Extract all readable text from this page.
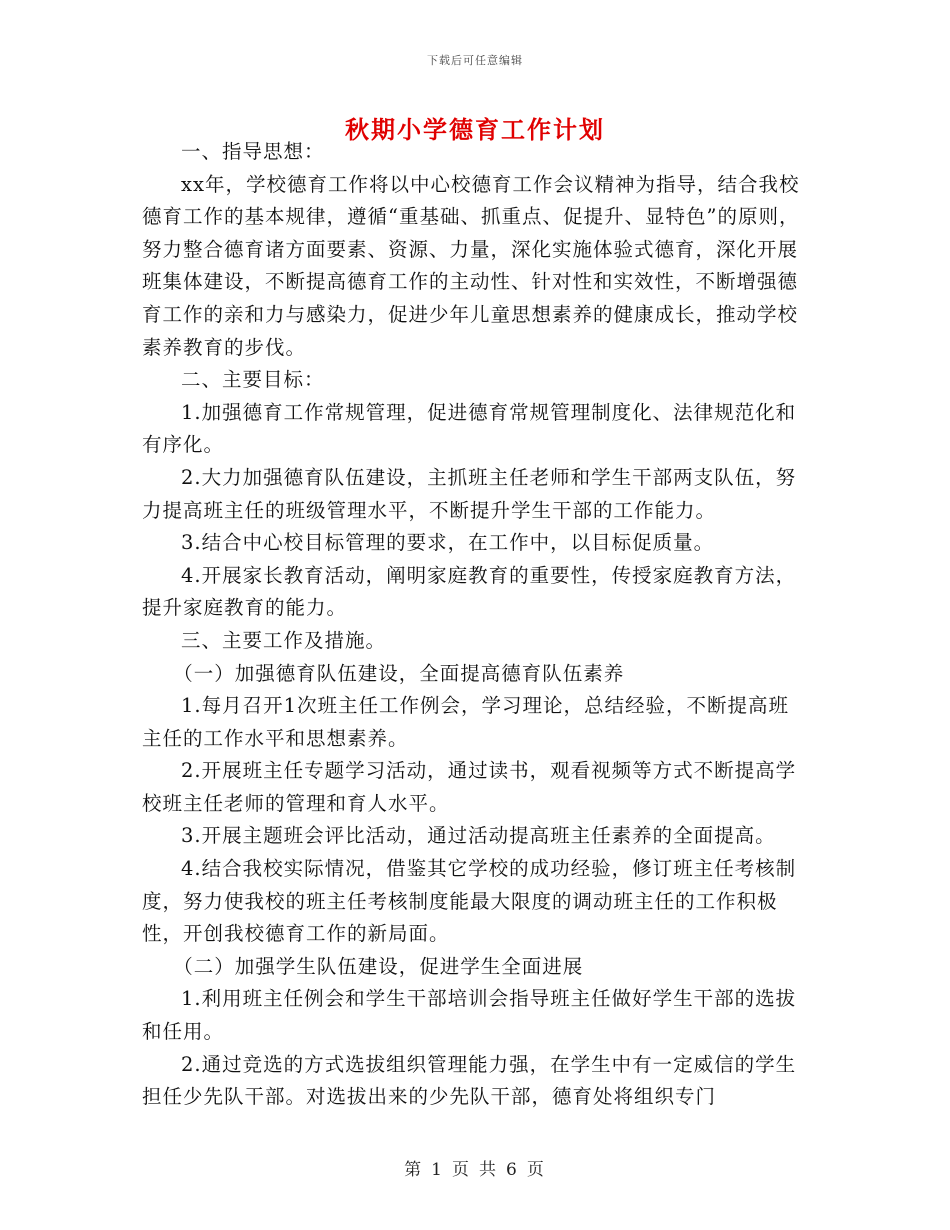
下载后可任意编辑
秋期小学德育工作计划

一、指导思想：

xx年，学校德育工作将以中心校德育工作会议精神为指导，结合我校德育工作的基本规律，遵循“重基础、抓重点、促提升、显特色”的原则，努力整合德育诸方面要素、资源、力量，深化实施体验式德育，深化开展班集体建设，不断提高德育工作的主动性、针对性和实效性，不断增强德育工作的亲和力与感染力，促进少年儿童思想素养的健康成长，推动学校素养教育的步伐。

二、主要目标：

1.加强德育工作常规管理，促进德育常规管理制度化、法律规范化和有序化。

2.大力加强德育队伍建设，主抓班主任老师和学生干部两支队伍，努力提高班主任的班级管理水平，不断提升学生干部的工作能力。

3.结合中心校目标管理的要求，在工作中，以目标促质量。

4.开展家长教育活动，阐明家庭教育的重要性，传授家庭教育方法，提升家庭教育的能力。

三、主要工作及措施。

（一）加强德育队伍建设，全面提高德育队伍素养

1.每月召开1次班主任工作例会，学习理论，总结经验，不断提高班主任的工作水平和思想素养。

2.开展班主任专题学习活动，通过读书，观看视频等方式不断提高学校班主任老师的管理和育人水平。

3.开展主题班会评比活动，通过活动提高班主任素养的全面提高。

4.结合我校实际情况，借鉴其它学校的成功经验，修订班主任考核制度，努力使我校的班主任考核制度能最大限度的调动班主任的工作积极性，开创我校德育工作的新局面。

（二）加强学生队伍建设，促进学生全面进展

1.利用班主任例会和学生干部培训会指导班主任做好学生干部的选拔和任用。

2.通过竞选的方式选拔组织管理能力强，在学生中有一定威信的学生担任少先队干部。对选拔出来的少先队干部，德育处将组织专门

第 1 页 共 6 页
